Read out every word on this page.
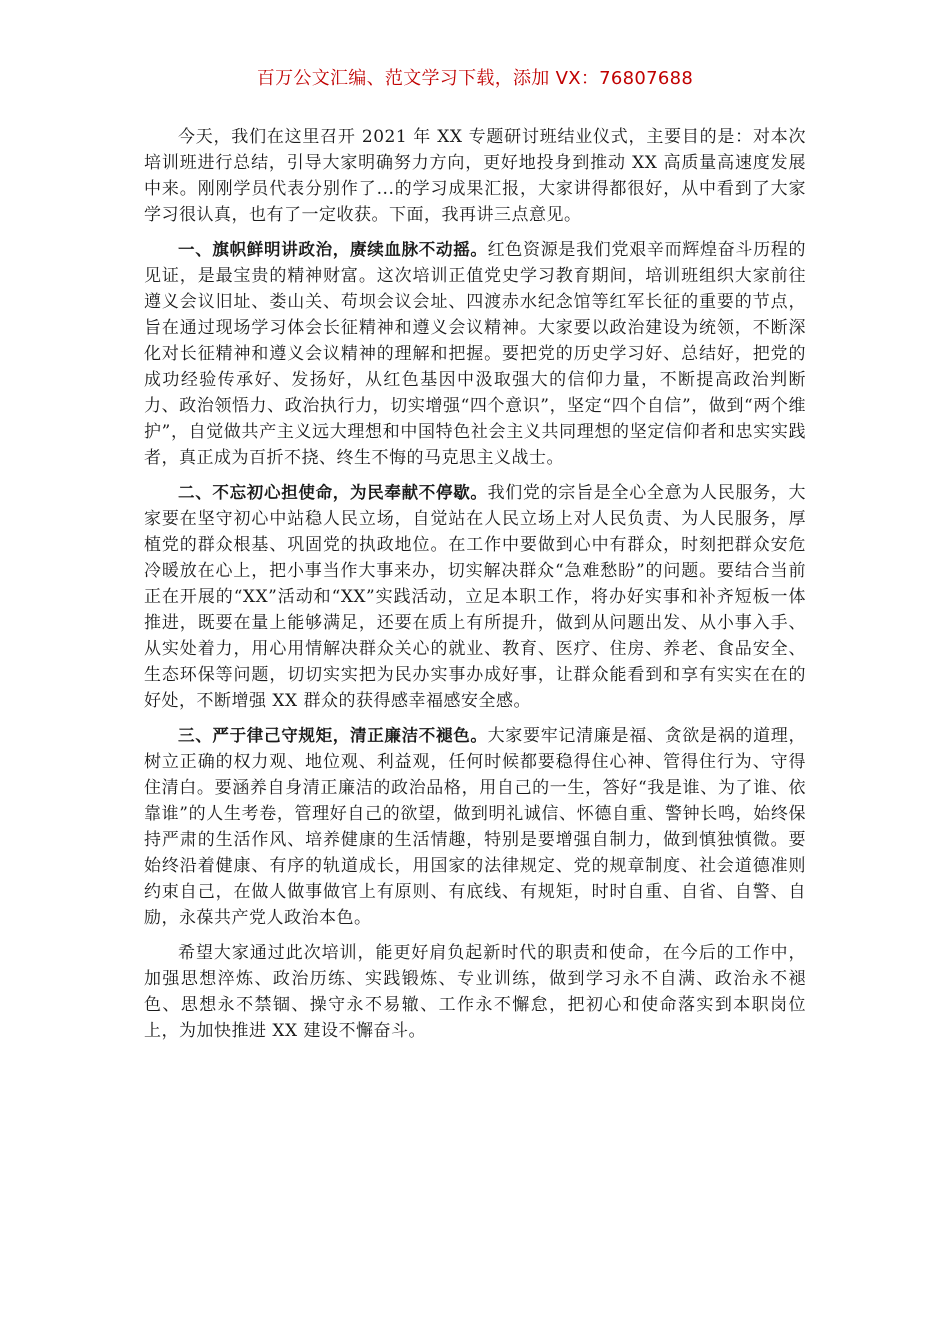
百万公文汇编、范文学习下载，添加 VX：76807688

今天，我们在这里召开 2021 年 XX 专题研讨班结业仪式，主要目的是：对本次培训班进行总结，引导大家明确努力方向，更好地投身到推动 XX 高质量高速度发展中来。刚刚学员代表分别作了...的学习成果汇报，大家讲得都很好，从中看到了大家学习很认真，也有了一定收获。下面，我再讲三点意见。

一、旗帜鲜明讲政治，赓续血脉不动摇。红色资源是我们党艰辛而辉煌奋斗历程的见证，是最宝贵的精神财富。这次培训正值党史学习教育期间，培训班组织大家前往遵义会议旧址、娄山关、苟坝会议会址、四渡赤水纪念馆等红军长征的重要的节点，旨在通过现场学习体会长征精神和遵义会议精神。大家要以政治建设为统领，不断深化对长征精神和遵义会议精神的理解和把握。要把党的历史学习好、总结好，把党的成功经验传承好、发扬好，从红色基因中汲取强大的信仰力量，不断提高政治判断力、政治领悟力、政治执行力，切实增强“四个意识”，坚定“四个自信”，做到“两个维护”，自觉做共产主义远大理想和中国特色社会主义共同理想的坚定信仰者和忠实实践者，真正成为百折不挠、终生不悔的马克思主义战士。

二、不忘初心担使命，为民奉献不停歇。我们党的宗旨是全心全意为人民服务，大家要在坚守初心中站稳人民立场，自觉站在人民立场上对人民负责、为人民服务，厚植党的群众根基、巩固党的执政地位。在工作中要做到心中有群众，时刻把群众安危冷暖放在心上，把小事当作大事来办，切实解决群众“急难愁盼”的问题。要结合当前正在开展的“XX”活动和“XX”实践活动，立足本职工作，将办好实事和补齐短板一体推进，既要在量上能够满足，还要在质上有所提升，做到从问题出发、从小事入手、从实处着力，用心用情解决群众关心的就业、教育、医疗、住房、养老、食品安全、生态环保等问题，切切实实把为民办实事办成好事，让群众能看到和享有实实在在的好处，不断增强 XX 群众的获得感幸福感安全感。

三、严于律己守规矩，清正廉洁不褪色。大家要牢记清廉是福、贪欲是祸的道理，树立正确的权力观、地位观、利益观，任何时候都要稳得住心神、管得住行为、守得住清白。要涵养自身清正廉洁的政治品格，用自己的一生，答好“我是谁、为了谁、依靠谁”的人生考卷，管理好自己的欲望，做到明礼诚信、怀德自重、警钟长鸣，始终保持严肃的生活作风、培养健康的生活情趣，特别是要增强自制力，做到慎独慎微。要始终沿着健康、有序的轨道成长，用国家的法律规定、党的规章制度、社会道德准则约束自己，在做人做事做官上有原则、有底线、有规矩，时时自重、自省、自警、自励，永葆共产党人政治本色。

希望大家通过此次培训，能更好肩负起新时代的职责和使命，在今后的工作中，加强思想淬炼、政治历练、实践锻炼、专业训练，做到学习永不自满、政治永不褪色、思想永不禁锢、操守永不易辙、工作永不懈怠，把初心和使命落实到本职岗位上，为加快推进 XX 建设不懈奋斗。
